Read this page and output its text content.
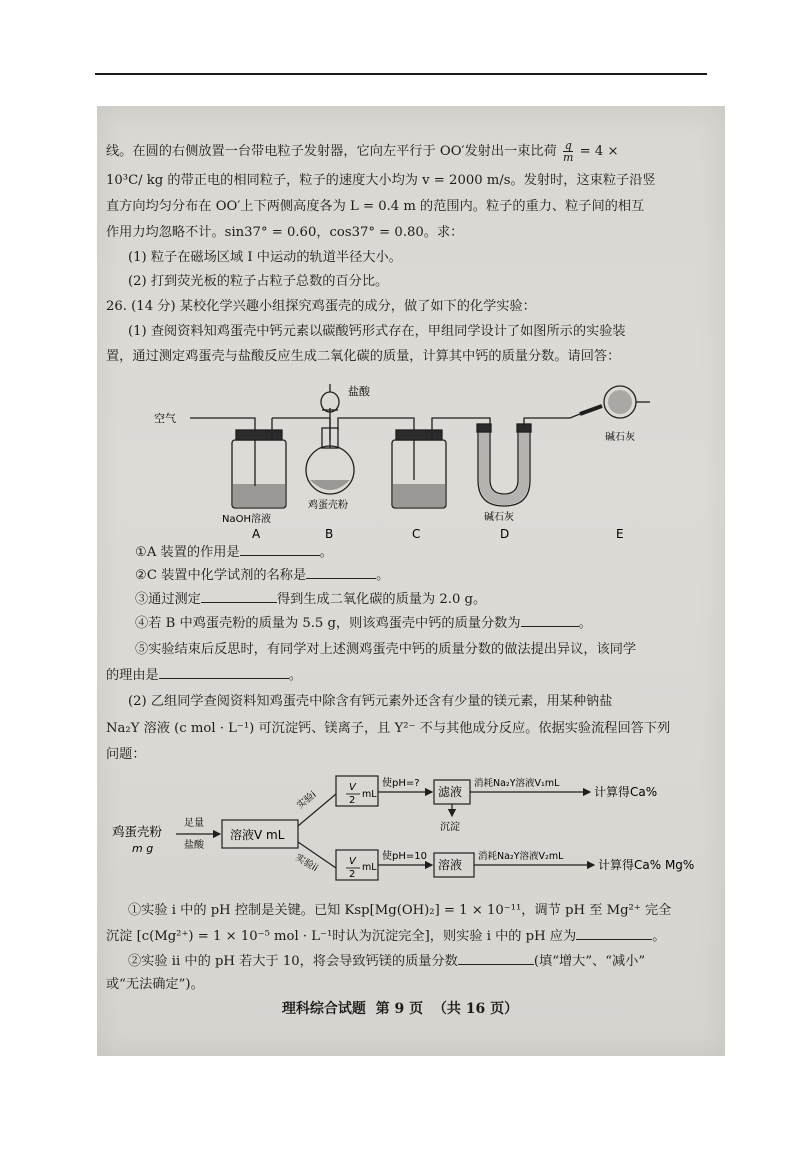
线。在圆的右侧放置一台带电粒子发射器，它向左平行于 OO′发射出一束比荷 $\frac{q}{m} = 4$ ×
10³C/ kg 的带正电的相同粒子，粒子的速度大小均为 v = 2000 m/s。发射时，这束粒子沿竖
直方向均匀分布在 OO′上下两侧高度各为 L = 0.4 m 的范围内。粒子的重力、粒子间的相互
作用力均忽略不计。sin37° = 0.60，cos37° = 0.80。求：
(1) 粒子在磁场区域 Ⅰ 中运动的轨道半径大小。
(2) 打到荧光板的粒子占粒子总数的百分比。
26. (14 分) 某校化学兴趣小组探究鸡蛋壳的成分，做了如下的化学实验：
(1) 查阅资料知鸡蛋壳中钙元素以碳酸钙形式存在，甲组同学设计了如图所示的实验装
置，通过测定鸡蛋壳与盐酸反应生成二氧化碳的质量，计算其中钙的质量分数。请回答：
空气
盐酸
NaOH溶液
鸡蛋壳粉
碱石灰
碱石灰
A	B	C	D	E
①A 装置的作用是	。
②C 装置中化学试剂的名称是	。
③通过测定	得到生成二氧化碳的质量为 2.0 g。
④若 B 中鸡蛋壳粉的质量为 5.5 g，则该鸡蛋壳中钙的质量分数为	。
⑤实验结束后反思时，有同学对上述测鸡蛋壳中钙的质量分数的做法提出异议，该同学
的理由是	。
(2) 乙组同学查阅资料知鸡蛋壳中除含有钙元素外还含有少量的镁元素，用某种钠盐
Na₂Y 溶液 (c mol · L⁻¹) 可沉淀钙、镁离子，且 Y²⁻ 不与其他成分反应。依据实验流程回答下列
问题：
鸡蛋壳粉
m g
足量
盐酸
溶液V mL
实验i
实验ii
V
2
mL
使pH=?
滤液
沉淀
消耗Na₂Y溶液V₁mL
计算得Ca%
V
2
mL
使pH=10
溶液
消耗Na₂Y溶液V₂mL
计算得Ca% Mg%
①实验 i 中的 pH 控制是关键。已知 Ksp[Mg(OH)₂] = 1 × 10⁻¹¹，调节 pH 至 Mg²⁺ 完全
沉淀 [c(Mg²⁺) = 1 × 10⁻⁵ mol · L⁻¹时认为沉淀完全]，则实验 i 中的 pH 应为	。
②实验 ii 中的 pH 若大于 10，将会导致钙镁的质量分数	(填“增大”、“减小”
或“无法确定”)。
理科综合试题 第 9 页 （共 16 页）
